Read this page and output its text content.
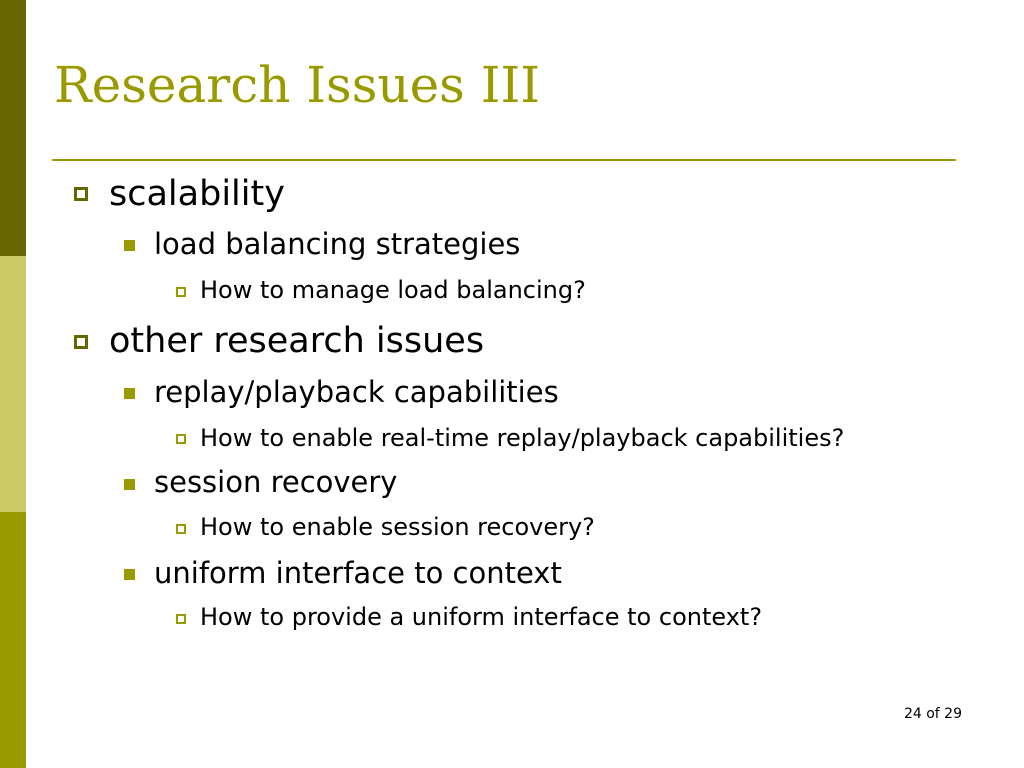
Research Issues III
scalability
load balancing strategies
How to manage load balancing?
other research issues
replay/playback capabilities
How to enable real-time replay/playback capabilities?
session recovery
How to enable session recovery?
uniform interface to context
How to provide a uniform interface to context?
24 of 29
